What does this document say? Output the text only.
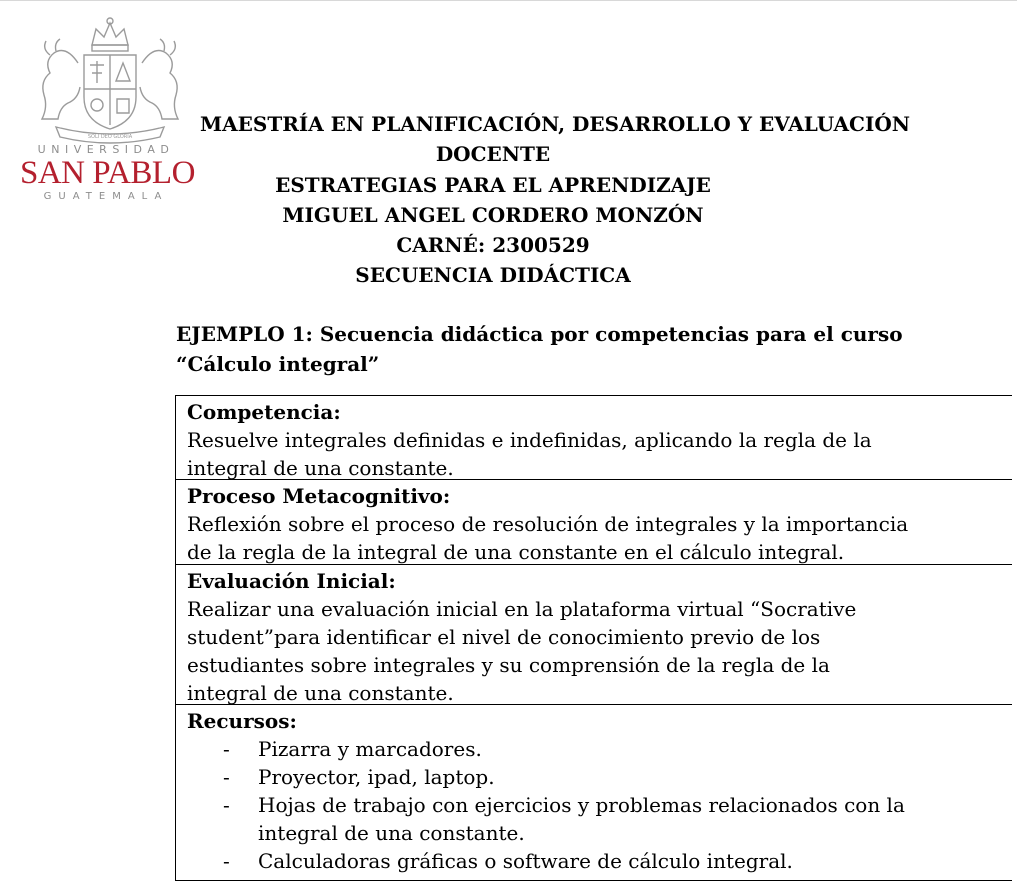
SOLI DEO GLORIA
UNIVERSIDAD
SAN PABLO
GUATEMALA
MAESTRÍA EN PLANIFICACIÓN, DESARROLLO Y EVALUACIÓN
DOCENTE
ESTRATEGIAS PARA EL APRENDIZAJE
MIGUEL ANGEL CORDERO MONZÓN
CARNÉ: 2300529
SECUENCIA DIDÁCTICA
EJEMPLO 1: Secuencia didáctica por competencias para el curso
“Cálculo integral”
Competencia:
Resuelve integrales definidas e indefinidas, aplicando la regla de la
integral de una constante.
Proceso Metacognitivo:
Reflexión sobre el proceso de resolución de integrales y la importancia
de la regla de la integral de una constante en el cálculo integral.
Evaluación Inicial:
Realizar una evaluación inicial en la plataforma virtual “Socrative
student”para identificar el nivel de conocimiento previo de los
estudiantes sobre integrales y su comprensión de la regla de la
integral de una constante.
Recursos:
- Pizarra y marcadores.
- Proyector, ipad, laptop.
- Hojas de trabajo con ejercicios y problemas relacionados con la
integral de una constante.
- Calculadoras gráficas o software de cálculo integral.
